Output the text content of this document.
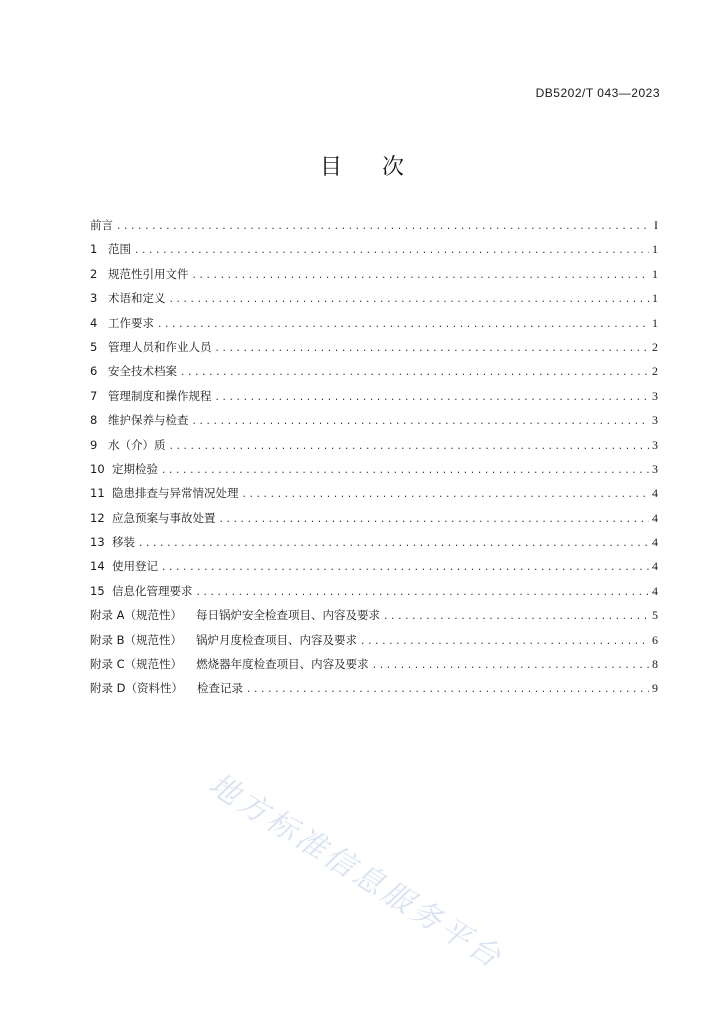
DB5202/T 043—2023
目 次
前言 .....	I
1 范围 .....	1
2 规范性引用文件 .....	1
3 术语和定义 .....	1
4 工作要求 .....	1
5 管理人员和作业人员 .....	2
6 安全技术档案 .....	2
7 管理制度和操作规程 .....	3
8 维护保养与检查 .....	3
9 水（介）质 .....	3
10 定期检验 .....	3
11 隐患排查与异常情况处理 .....	4
12 应急预案与事故处置 .....	4
13 移装 .....	4
14 使用登记 .....	4
15 信息化管理要求 .....	4
附录 A（规范性） 每日锅炉安全检查项目、内容及要求 .....	5
附录 B（规范性） 锅炉月度检查项目、内容及要求 .....	6
附录 C（规范性） 燃烧器年度检查项目、内容及要求 .....	8
附录 D（资料性） 检查记录 .....	9
地方标准信息服务平台
